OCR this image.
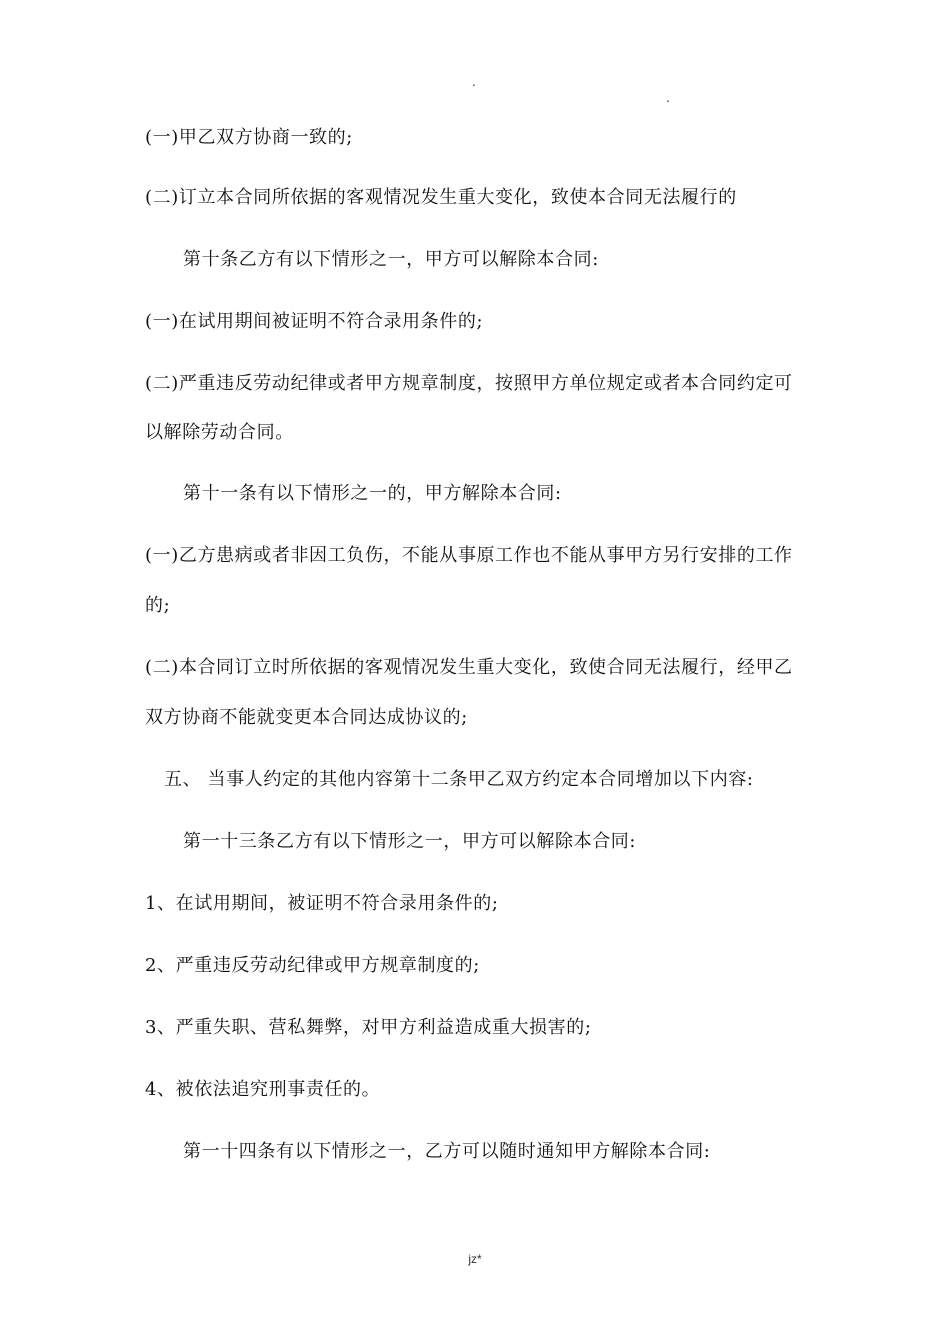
.
.
(一)甲乙双方协商一致的;
(二)订立本合同所依据的客观情况发生重大变化，致使本合同无法履行的
第十条乙方有以下情形之一，甲方可以解除本合同:
(一)在试用期间被证明不符合录用条件的;
(二)严重违反劳动纪律或者甲方规章制度，按照甲方单位规定或者本合同约定可
以解除劳动合同。
第十一条有以下情形之一的，甲方解除本合同:
(一)乙方患病或者非因工负伤，不能从事原工作也不能从事甲方另行安排的工作
的;
(二)本合同订立时所依据的客观情况发生重大变化，致使合同无法履行，经甲乙
双方协商不能就变更本合同达成协议的;
五、 当事人约定的其他内容第十二条甲乙双方约定本合同增加以下内容:
第一十三条乙方有以下情形之一，甲方可以解除本合同:
1、在试用期间，被证明不符合录用条件的;
2、严重违反劳动纪律或甲方规章制度的;
3、严重失职、营私舞弊，对甲方利益造成重大损害的;
4、被依法追究刑事责任的。
第一十四条有以下情形之一，乙方可以随时通知甲方解除本合同:
jz*
